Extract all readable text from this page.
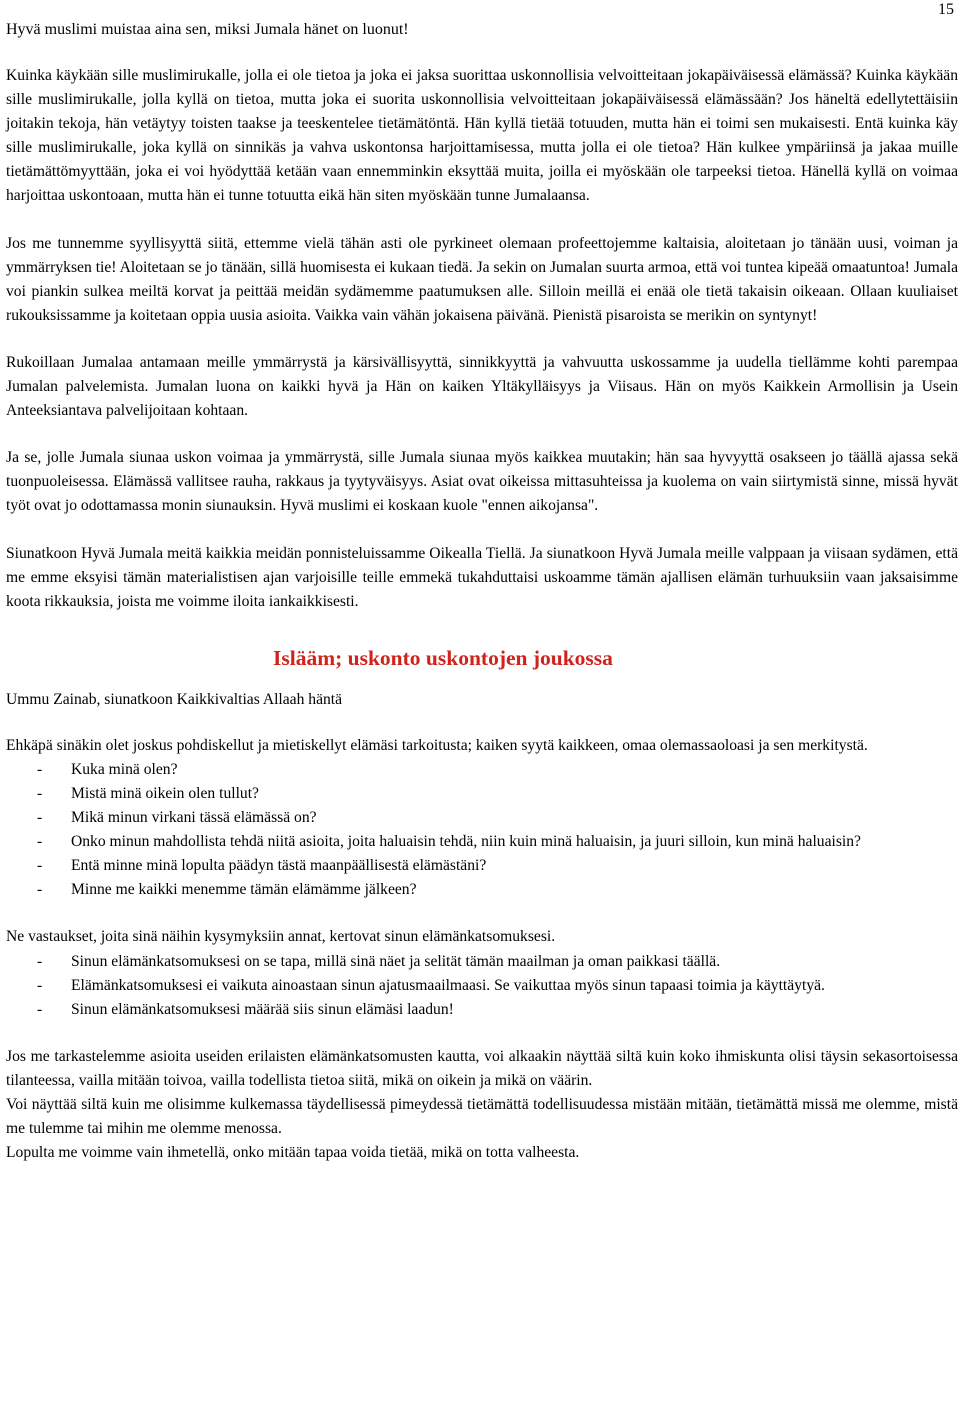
15

Hyvä muslimi muistaa aina sen, miksi Jumala hänet on luonut!

Kuinka käykään sille muslimirukalle, jolla ei ole tietoa ja joka ei jaksa suorittaa uskonnollisia velvoitteitaan jokapäiväisessä elämässä? Kuinka käykään sille muslimirukalle, jolla kyllä on tietoa, mutta joka ei suorita uskonnollisia velvoitteitaan jokapäiväisessä elämässään? Jos häneltä edellytettäisiin joitakin tekoja, hän vetäytyy toisten taakse ja teeskentelee tietämätöntä. Hän kyllä tietää totuuden, mutta hän ei toimi sen mukaisesti. Entä kuinka käy sille muslimirukalle, joka kyllä on sinnikäs ja vahva uskontonsa harjoittamisessa, mutta jolla ei ole tietoa? Hän kulkee ympäriinsä ja jakaa muille tietämättömyyttään, joka ei voi hyödyttää ketään vaan ennemminkin eksyttää muita, joilla ei myöskään ole tarpeeksi tietoa. Hänellä kyllä on voimaa harjoittaa uskontoaan, mutta hän ei tunne totuutta eikä hän siten myöskään tunne Jumalaansa.

Jos me tunnemme syyllisyyttä siitä, ettemme vielä tähän asti ole pyrkineet olemaan profeettojemme kaltaisia, aloitetaan jo tänään uusi, voiman ja ymmärryksen tie! Aloitetaan se jo tänään, sillä huomisesta ei kukaan tiedä. Ja sekin on Jumalan suurta armoa, että voi tuntea kipeää omaatuntoa! Jumala voi piankin sulkea meiltä korvat ja peittää meidän sydämemme paatumuksen alle. Silloin meillä ei enää ole tietä takaisin oikeaan. Ollaan kuuliaiset rukouksissamme ja koitetaan oppia uusia asioita. Vaikka vain vähän jokaisena päivänä. Pienistä pisaroista se merikin on syntynyt!

Rukoillaan Jumalaa antamaan meille ymmärrystä ja kärsivällisyyttä, sinnikkyyttä ja vahvuutta uskossamme ja uudella tiellämme kohti parempaa Jumalan palvelemista. Jumalan luona on kaikki hyvä ja Hän on kaiken Yltäkylläisyys ja Viisaus. Hän on myös Kaikkein Armollisin ja Usein Anteeksiantava palvelijoitaan kohtaan.

Ja se, jolle Jumala siunaa uskon voimaa ja ymmärrystä, sille Jumala siunaa myös kaikkea muutakin; hän saa hyvyyttä osakseen jo täällä ajassa sekä tuonpuoleisessa. Elämässä vallitsee rauha, rakkaus ja tyytyväisyys. Asiat ovat oikeissa mittasuhteissa ja kuolema on vain siirtymistä sinne, missä hyvät työt ovat jo odottamassa monin siunauksin. Hyvä muslimi ei koskaan kuole "ennen aikojansa".

Siunatkoon Hyvä Jumala meitä kaikkia meidän ponnisteluissamme Oikealla Tiellä. Ja siunatkoon Hyvä Jumala meille valppaan ja viisaan sydämen, että me emme eksyisi tämän materialistisen ajan varjoisille teille emmekä tukahduttaisi uskoamme tämän ajallisen elämän turhuuksiin vaan jaksaisimme koota rikkauksia, joista me voimme iloita iankaikkisesti.

Islääm; uskonto uskontojen joukossa

Ummu Zainab, siunatkoon Kaikkivaltias Allaah häntä

Ehkäpä sinäkin olet joskus pohdiskellut ja mietiskellyt elämäsi tarkoitusta; kaiken syytä kaikkeen, omaa olemassaoloasi ja sen merkitystä.

- Kuka minä olen?
- Mistä minä oikein olen tullut?
- Mikä minun virkani tässä elämässä on?
- Onko minun mahdollista tehdä niitä asioita, joita haluaisin tehdä, niin kuin minä haluaisin, ja juuri silloin, kun minä haluaisin?
- Entä minne minä lopulta päädyn tästä maanpäällisestä elämästäni?
- Minne me kaikki menemme tämän elämämme jälkeen?

Ne vastaukset, joita sinä näihin kysymyksiin annat, kertovat sinun elämänkatsomuksesi.

- Sinun elämänkatsomuksesi on se tapa, millä sinä näet ja selität tämän maailman ja oman paikkasi täällä.
- Elämänkatsomuksesi ei vaikuta ainoastaan sinun ajatusmaailmaasi. Se vaikuttaa myös sinun tapaasi toimia ja käyttäytyä.
- Sinun elämänkatsomuksesi määrää siis sinun elämäsi laadun!

Jos me tarkastelemme asioita useiden erilaisten elämänkatsomusten kautta, voi alkaakin näyttää siltä kuin koko ihmiskunta olisi täysin sekasortoisessa tilanteessa, vailla mitään toivoa, vailla todellista tietoa siitä, mikä on oikein ja mikä on väärin.

Voi näyttää siltä kuin me olisimme kulkemassa täydellisessä pimeydessä tietämättä todellisuudessa mistään mitään, tietämättä missä me olemme, mistä me tulemme tai mihin me olemme menossa.

Lopulta me voimme vain ihmetellä, onko mitään tapaa voida tietää, mikä on totta valheesta.
